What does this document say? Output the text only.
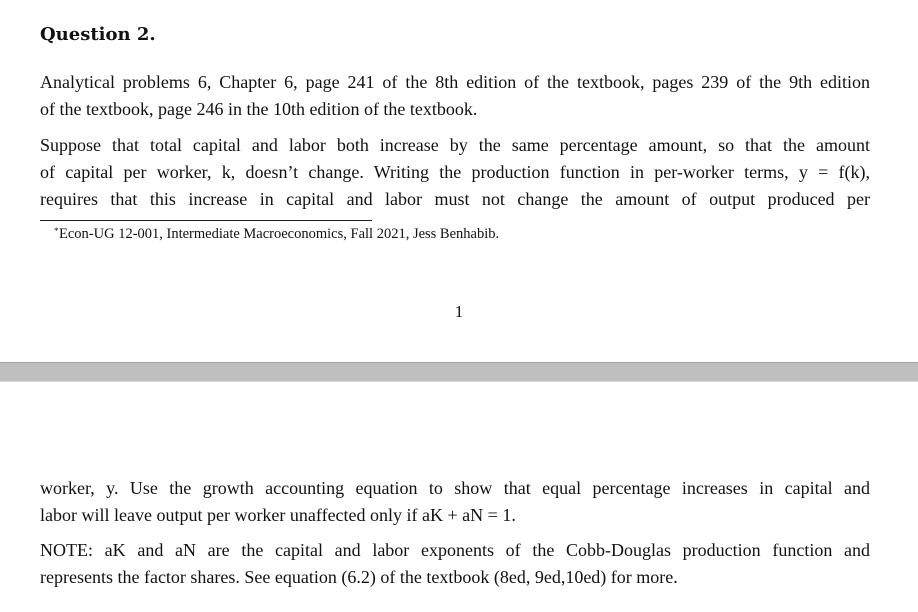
Question 2.

Analytical problems 6, Chapter 6, page 241 of the 8th edition of the textbook, pages 239 of the 9th edition
of the textbook, page 246 in the 10th edition of the textbook.

Suppose that total capital and labor both increase by the same percentage amount, so that the amount
of capital per worker, k, doesn’t change. Writing the production function in per-worker terms, y = f(k),
requires that this increase in capital and labor must not change the amount of output produced per

* Econ-UG 12-001, Intermediate Macroeconomics, Fall 2021, Jess Benhabib.
1

worker, y. Use the growth accounting equation to show that equal percentage increases in capital and
labor will leave output per worker unaffected only if aK + aN = 1.

NOTE: aK and aN are the capital and labor exponents of the Cobb-Douglas production function and
represents the factor shares. See equation (6.2) of the textbook (8ed, 9ed,10ed) for more.
